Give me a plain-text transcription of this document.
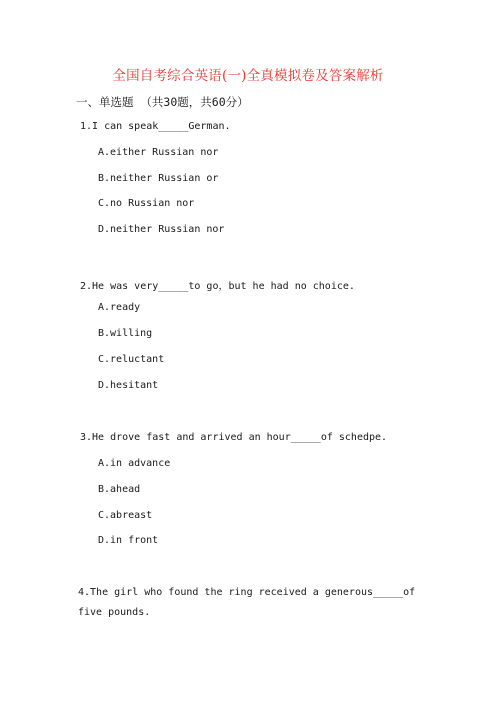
全国自考综合英语(一)全真模拟卷及答案解析
一、单选题 （共30题，共60分）
1.I can speak_____German.
A.either Russian nor
B.neither Russian or
C.no Russian nor
D.neither Russian nor
2.He was very_____to go，but he had no choice.
A.ready
B.willing
C.reluctant
D.hesitant
3.He drove fast and arrived an hour_____of schedpe.
A.in advance
B.ahead
C.abreast
D.in front
4.The girl who found the ring received a generous_____of five pounds.
